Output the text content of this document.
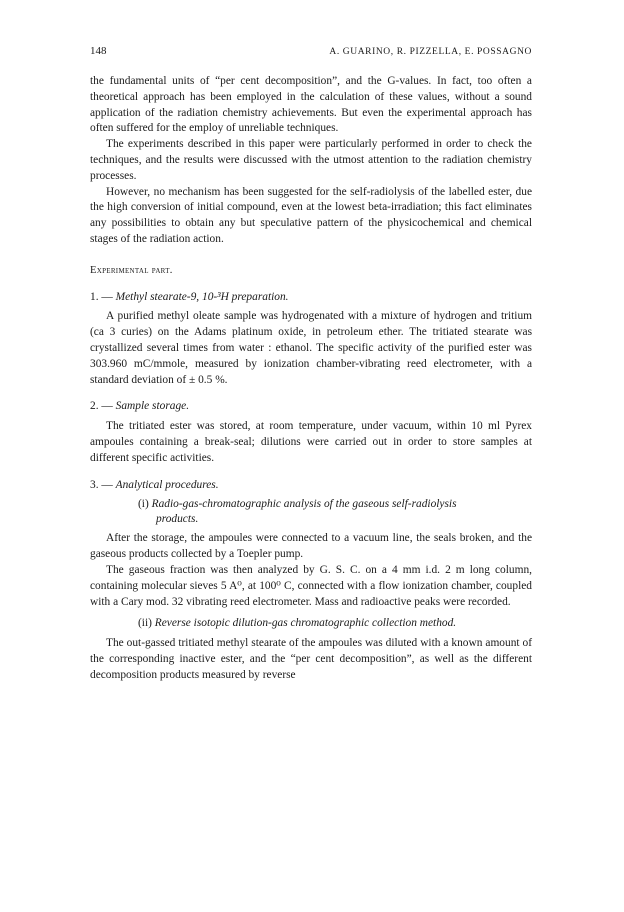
148	A. GUARINO, R. PIZZELLA, E. POSSAGNO

the fundamental units of “per cent decomposition”, and the G-values. In fact, too often a theoretical approach has been employed in the calculation of these values, without a sound application of the radiation chemistry achievements. But even the experimental approach has often suffered for the employ of unreliable techniques.

The experiments described in this paper were particularly performed in order to check the techniques, and the results were discussed with the utmost attention to the radiation chemistry processes.

However, no mechanism has been suggested for the self-radiolysis of the labelled ester, due the high conversion of initial compound, even at the lowest beta-irradiation; this fact eliminates any possibilities to obtain any but speculative pattern of the physicochemical and chemical stages of the radiation action.

Experimental part.

1. — Methyl stearate-9, 10-³H preparation.

A purified methyl oleate sample was hydrogenated with a mixture of hydrogen and tritium (ca 3 curies) on the Adams platinum oxide, in petroleum ether. The tritiated stearate was crystallized several times from water : ethanol. The specific activity of the purified ester was 303.960 mC/mmole, measured by ionization chamber-vibrating reed electrometer, with a standard deviation of ± 0.5 %.

2. — Sample storage.

The tritiated ester was stored, at room temperature, under vacuum, within 10 ml Pyrex ampoules containing a break-seal; dilutions were carried out in order to store samples at different specific activities.

3. — Analytical procedures.

(i) Radio-gas-chromatographic analysis of the gaseous self-radiolysis
products.

After the storage, the ampoules were connected to a vacuum line, the seals broken, and the gaseous products collected by a Toepler pump.

The gaseous fraction was then analyzed by G. S. C. on a 4 mm i.d. 2 m long column, containing molecular sieves 5 A⁰, at 100⁰ C, connected with a flow ionization chamber, coupled with a Cary mod. 32 vibrating reed electrometer. Mass and radioactive peaks were recorded.

(ii) Reverse isotopic dilution-gas chromatographic collection method.

The out-gassed tritiated methyl stearate of the ampoules was diluted with a known amount of the corresponding inactive ester, and the “per cent decomposition”, as well as the different decomposition products measured by reverse
